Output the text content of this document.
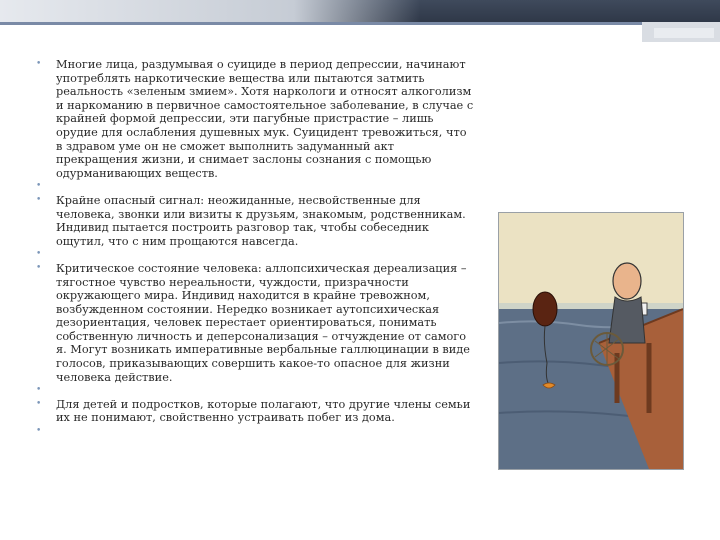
•	Многие лица, раздумывая о суициде в период депрессии, начинают употреблять наркотические вещества или пытаются затмить реальность «зеленым змием». Хотя наркологи и относят алкоголизм и наркоманию в первичное самостоятельное заболевание, в случае с крайней формой депрессии, эти пагубные пристрастие – лишь орудие для ослабления душевных мук. Суицидент тревожиться, что в здравом уме он не сможет выполнить задуманный акт прекращения жизни, и снимает заслоны сознания с помощью одурманивающих веществ.
•
•	Крайне опасный сигнал: неожиданные, несвойственные для человека, звонки или визиты к друзьям, знакомым, родственникам. Индивид пытается построить разговор так, чтобы собеседник ощутил, что с ним прощаются навсегда.
•
•	Критическое состояние человека: аллопсихическая дереализация – тягостное чувство нереальности, чуждости, призрачности окружающего мира. Индивид находится в крайне тревожном, возбужденном состоянии. Нередко возникает аутопсихическая дезориентация, человек перестает ориентироваться, понимать собственную личность и деперсонализация – отчуждение от самого я. Могут возникать императивные вербальные галлюцинации в виде голосов, приказывающих совершить какое-то опасное для жизни человека действие.
•
•	Для детей и подростков, которые полагают, что другие члены семьи их не понимают, свойственно устраивать побег из дома.
•
